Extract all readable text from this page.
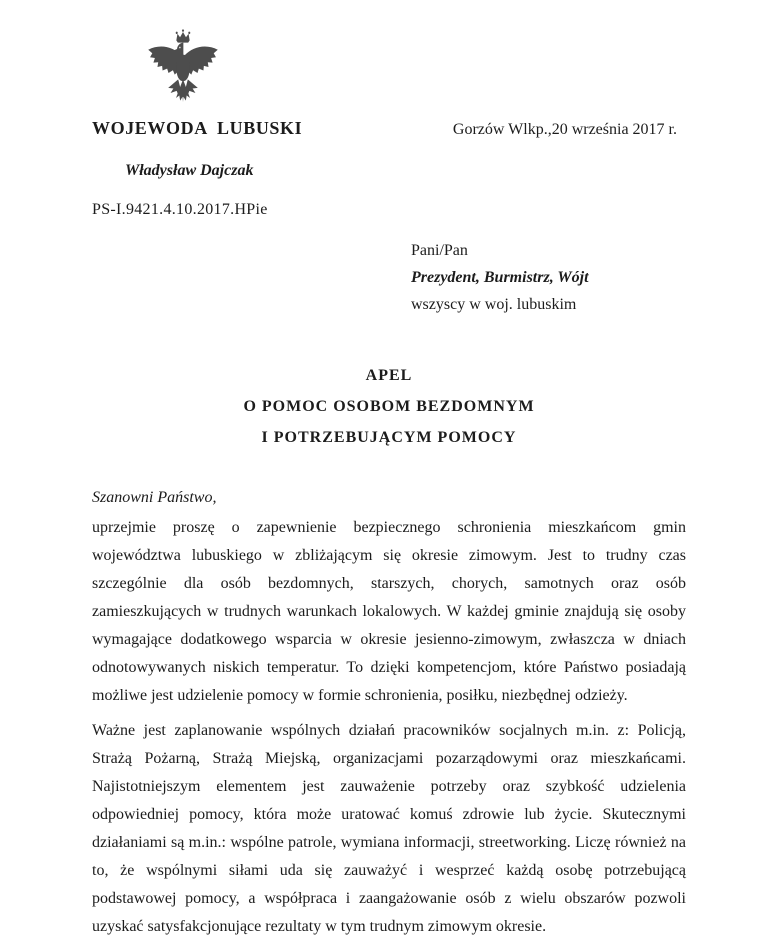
WOJEWODA  LUBUSKI	Gorzów Wlkp.,20 września 2017 r.
Władysław Dajczak
PS-I.9421.4.10.2017.HPie
Pani/Pan
Prezydent, Burmistrz, Wójt
wszyscy w woj. lubuskim
APEL
O POMOC OSOBOM BEZDOMNYM
I POTRZEBUJĄCYM POMOCY
Szanowni Państwo,

uprzejmie proszę o zapewnienie bezpiecznego schronienia mieszkańcom gmin województwa lubuskiego w zbliżającym się okresie zimowym. Jest to trudny czas szczególnie dla osób bezdomnych, starszych, chorych, samotnych oraz osób zamieszkujących w trudnych warunkach lokalowych. W każdej gminie znajdują się osoby wymagające dodatkowego wsparcia w okresie jesienno-zimowym, zwłaszcza w dniach odnotowywanych niskich temperatur. To dzięki kompetencjom, które Państwo posiadają możliwe jest udzielenie pomocy w formie schronienia, posiłku, niezbędnej odzieży.

Ważne jest zaplanowanie wspólnych działań pracowników socjalnych m.in. z: Policją, Strażą Pożarną, Strażą Miejską, organizacjami pozarządowymi oraz mieszkańcami. Najistotniejszym elementem jest zauważenie potrzeby oraz szybkość udzielenia odpowiedniej pomocy, która może uratować komuś zdrowie lub życie. Skutecznymi działaniami są m.in.: wspólne patrole, wymiana informacji, streetworking. Liczę również na to, że wspólnymi siłami uda się zauważyć i wesprzeć każdą osobę potrzebującą podstawowej pomocy, a współpraca i zaangażowanie osób z wielu obszarów pozwoli uzyskać satysfakcjonujące rezultaty w tym trudnym zimowym okresie.
